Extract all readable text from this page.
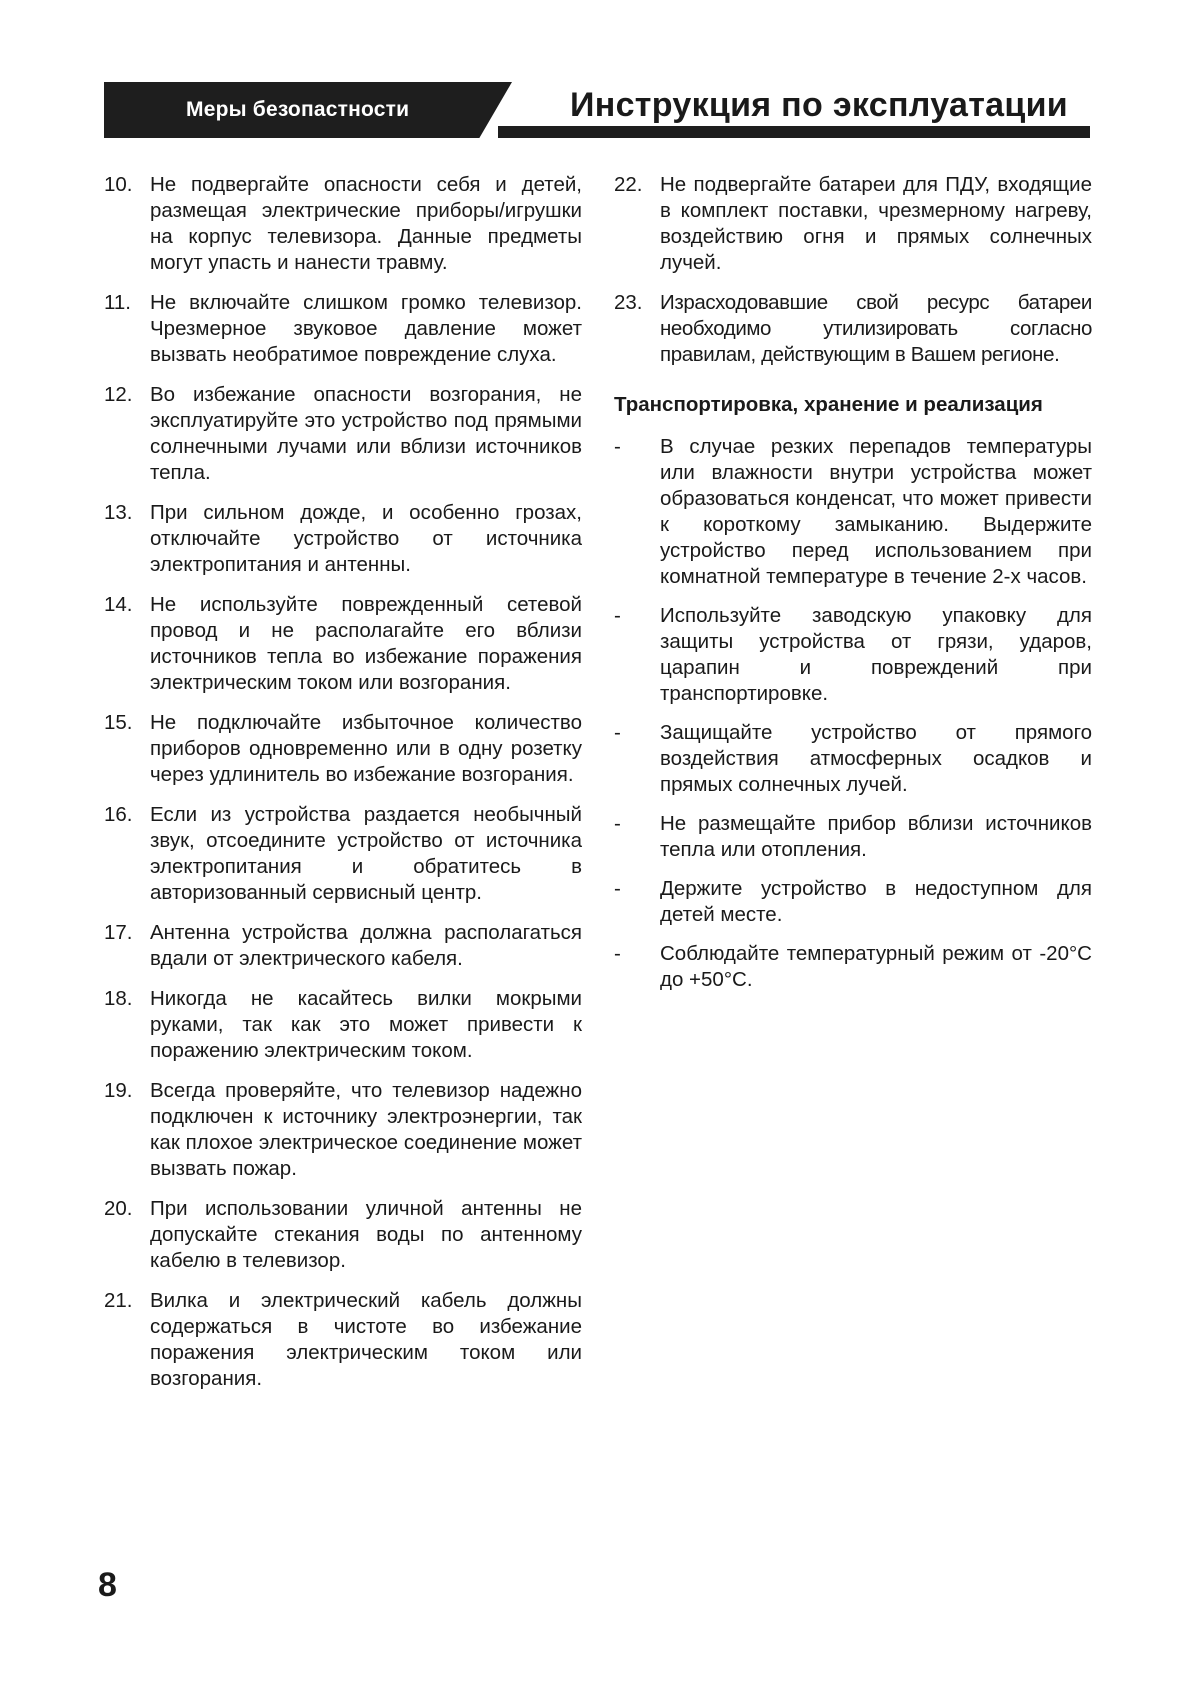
Меры безопастности	Инструкция по эксплуатации
10. Не подвергайте опасности себя и детей, размещая электрические приборы/игрушки на корпус телевизора. Данные предметы могут упасть и нанести травму.
11. Не включайте слишком громко телевизор. Чрезмерное звуковое давление может вызвать необратимое повреждение слуха.
12. Во избежание опасности возгорания, не эксплуатируйте это устройство под прямыми солнечными лучами или вблизи источников тепла.
13. При сильном дожде, и особенно грозах, отключайте устройство от источника электропитания и антенны.
14. Не используйте поврежденный сетевой провод и не располагайте его вблизи источников тепла во избежание поражения электрическим током или возгорания.
15. Не подключайте избыточное количество приборов одновременно или в одну розетку через удлинитель во избежание возгорания.
16. Если из устройства раздается необычный звук, отсоедините устройство от источника электропитания и обратитесь в авторизованный сервисный центр.
17. Антенна устройства должна располагаться вдали от электрического кабеля.
18. Никогда не касайтесь вилки мокрыми руками, так как это может привести к поражению электрическим током.
19. Всегда проверяйте, что телевизор надежно подключен к источнику электроэнергии, так как плохое электрическое соединение может вызвать пожар.
20. При использовании уличной антенны не допускайте стекания воды по антенному кабелю в телевизор.
21. Вилка и электрический кабель должны содержаться в чистоте во избежание поражения электрическим током или возгорания.
22. Не подвергайте батареи для ПДУ, входящие в комплект поставки, чрезмерному нагреву, воздействию огня и прямых солнечных лучей.
23. Израсходовавшие свой ресурс батареи необходимо утилизировать согласно правилам, действующим в Вашем регионе.
Транспортировка, хранение и реализация
-	В случае резких перепадов температуры или влажности внутри устройства может образоваться конденсат, что может привести к короткому замыканию. Выдержите устройство перед использованием при комнатной температуре в течение 2-х часов.
-	Используйте заводскую упаковку для защиты устройства от грязи, ударов, царапин и повреждений при транспортировке.
-	Защищайте устройство от прямого воздействия атмосферных осадков и прямых солнечных лучей.
-	Не размещайте прибор вблизи источников тепла или отопления.
-	Держите устройство в недоступном для детей месте.
-	Соблюдайте температурный режим от -20°C до +50°C.
8
